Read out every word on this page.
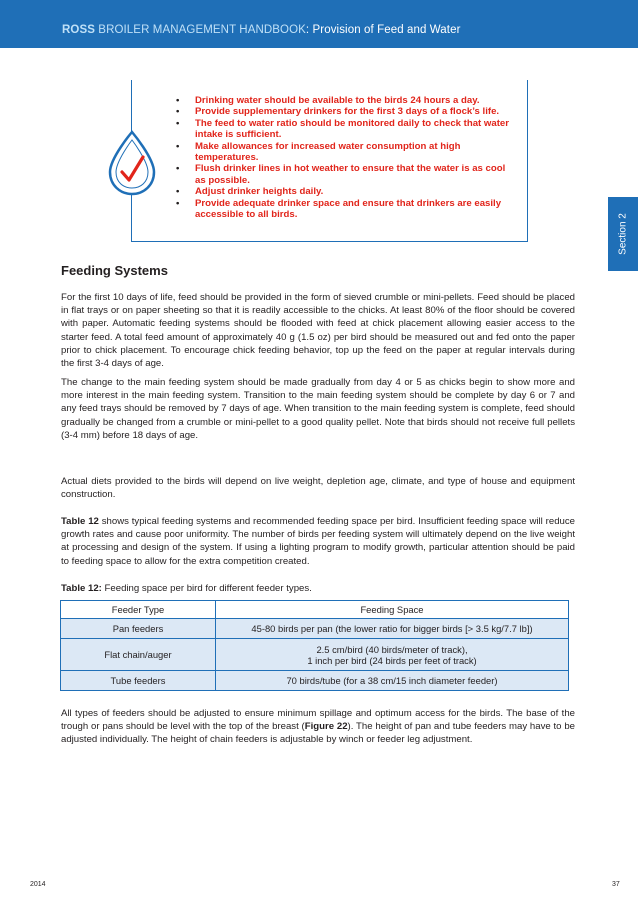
ROSS BROILER MANAGEMENT HANDBOOK: Provision of Feed and Water
Section 2
• Drinking water should be available to the birds 24 hours a day.
• Provide supplementary drinkers for the first 3 days of a flock’s life.
• The feed to water ratio should be monitored daily to check that water intake is sufficient.
• Make allowances for increased water consumption at high temperatures.
• Flush drinker lines in hot weather to ensure that the water is as cool as possible.
• Adjust drinker heights daily.
• Provide adequate drinker space and ensure that drinkers are easily accessible to all birds.
Feeding Systems

For the first 10 days of life, feed should be provided in the form of sieved crumble or mini-pellets. Feed should be placed in flat trays or on paper sheeting so that it is readily accessible to the chicks. At least 80% of the floor should be covered with paper. Automatic feeding systems should be flooded with feed at chick placement allowing easier access to the starter feed. A total feed amount of approximately 40 g (1.5 oz) per bird should be measured out and fed onto the paper prior to chick placement. To encourage chick feeding behavior, top up the feed on the paper at regular intervals during the first 3-4 days of age.

The change to the main feeding system should be made gradually from day 4 or 5 as chicks begin to show more and more interest in the main feeding system. Transition to the main feeding system should be complete by day 6 or 7 and any feed trays should be removed by 7 days of age. When transition to the main feeding system is complete, feed should gradually be changed from a crumble or mini-pellet to a good quality pellet. Note that birds should not receive full pellets (3-4 mm) before 18 days of age.

Actual diets provided to the birds will depend on live weight, depletion age, climate, and type of house and equipment construction.

Table 12 shows typical feeding systems and recommended feeding space per bird. Insufficient feeding space will reduce growth rates and cause poor uniformity. The number of birds per feeding system will ultimately depend on the live weight at processing and design of the system. If using a lighting program to modify growth, particular attention should be paid to feeding space to allow for the extra competition created.

Table 12: Feeding space per bird for different feeder types.
Feeder Type	Feeding Space
Pan feeders	45-80 birds per pan (the lower ratio for bigger birds [> 3.5 kg/7.7 lb])
Flat chain/auger	2.5 cm/bird (40 birds/meter of track),
1 inch per bird (24 birds per feet of track)

Tube feeders	70 birds/tube (for a 38 cm/15 inch diameter feeder)

All types of feeders should be adjusted to ensure minimum spillage and optimum access for the birds. The base of the trough or pans should be level with the top of the breast (Figure 22). The height of pan and tube feeders may have to be adjusted individually. The height of chain feeders is adjustable by winch or feeder leg adjustment.

2014	37
